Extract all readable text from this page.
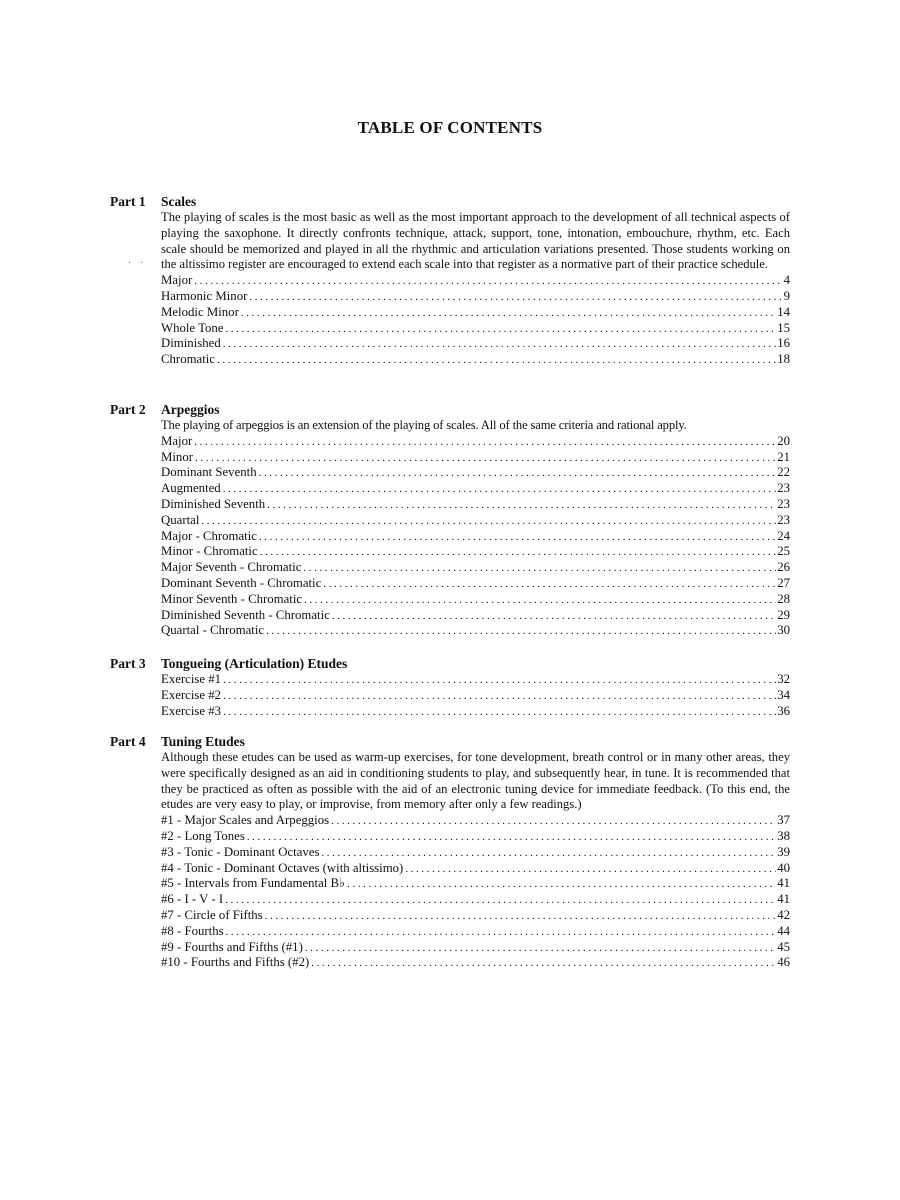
TABLE OF CONTENTS
· ·
Part 1	Scales

The playing of scales is the most basic as well as the most important approach to the development of all technical aspects of playing the saxophone. It directly confronts technique, attack, support, tone, intonation, embouchure, rhythm, etc. Each scale should be memorized and played in all the rhythmic and articulation variations presented. Those students working on the altissimo register are encouraged to extend each scale into that register as a normative part of their practice schedule.

Major .....	4
Harmonic Minor .....	9
Melodic Minor .....	14
Whole Tone .....	15
Diminished .....	16
Chromatic .....	18
Part 2	Arpeggios

The playing of arpeggios is an extension of the playing of scales. All of the same criteria and rational apply.

Major .....	20
Minor .....	21
Dominant Seventh .....	22
Augmented .....	23
Diminished Seventh .....	23
Quartal .....	23
Major - Chromatic .....	24
Minor - Chromatic .....	25
Major Seventh - Chromatic .....	26
Dominant Seventh - Chromatic .....	27
Minor Seventh - Chromatic .....	28
Diminished Seventh - Chromatic .....	29
Quartal - Chromatic .....	30
Part 3	Tongueing (Articulation) Etudes
Exercise #1 .....	32
Exercise #2 .....	34
Exercise #3 .....	36
Part 4	Tuning Etudes

Although these etudes can be used as warm-up exercises, for tone development, breath control or in many other areas, they were specifically designed as an aid in conditioning students to play, and subsequently hear, in tune. It is recommended that they be practiced as often as possible with the aid of an electronic tuning device for immediate feedback. (To this end, the etudes are very easy to play, or improvise, from memory after only a few readings.)

#1 - Major Scales and Arpeggios .....	37
#2 - Long Tones .....	38
#3 - Tonic - Dominant Octaves .....	39
#4 - Tonic - Dominant Octaves (with altissimo) .....	40
#5 - Intervals from Fundamental B♭ .....	41
#6 - I - V - I .....	41
#7 - Circle of Fifths .....	42
#8 - Fourths .....	44
#9 - Fourths and Fifths (#1) .....	45
#10 - Fourths and Fifths (#2) .....	46
